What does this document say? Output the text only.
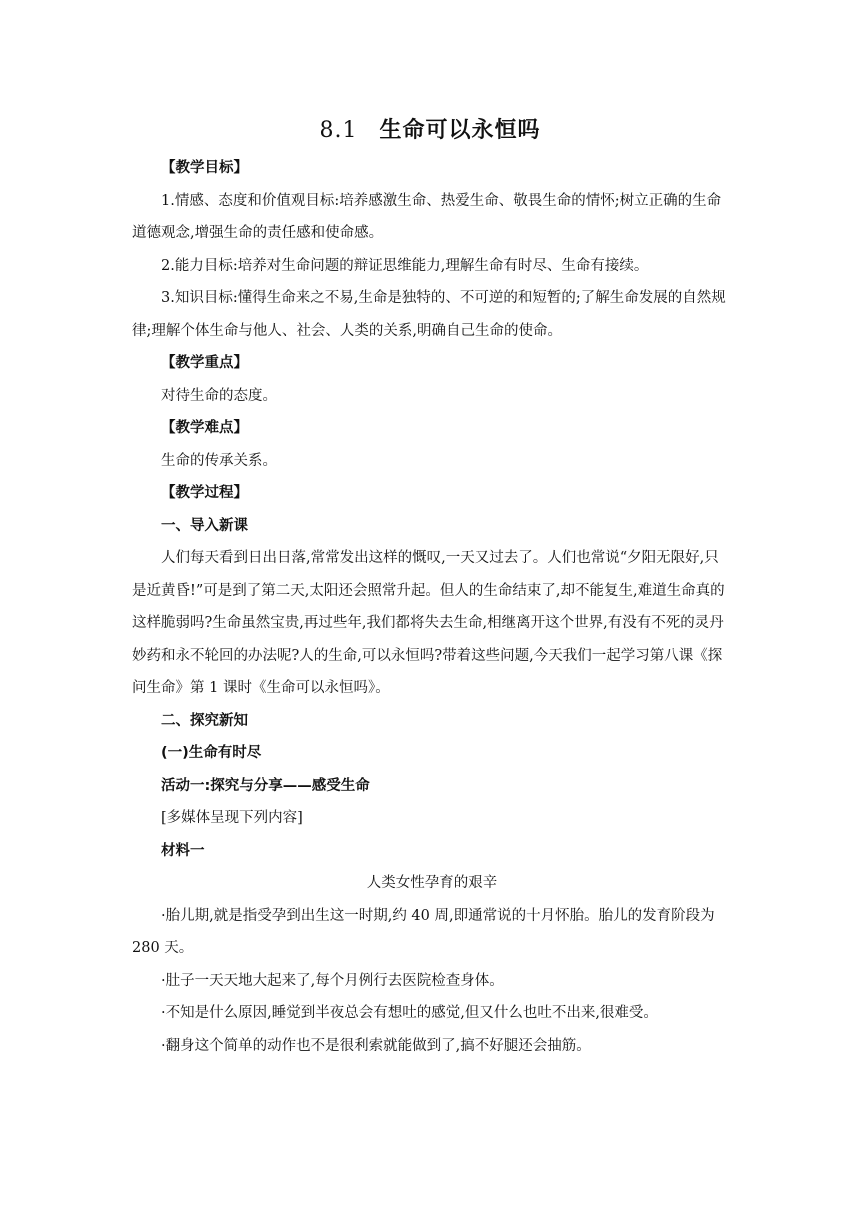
8.1 生命可以永恒吗

【教学目标】

1.情感、态度和价值观目标:培养感激生命、热爱生命、敬畏生命的情怀;树立正确的生命道德观念,增强生命的责任感和使命感。

2.能力目标:培养对生命问题的辩证思维能力,理解生命有时尽、生命有接续。

3.知识目标:懂得生命来之不易,生命是独特的、不可逆的和短暂的;了解生命发展的自然规律;理解个体生命与他人、社会、人类的关系,明确自己生命的使命。

【教学重点】

对待生命的态度。

【教学难点】

生命的传承关系。

【教学过程】

一、导入新课

人们每天看到日出日落,常常发出这样的慨叹,一天又过去了。人们也常说“夕阳无限好,只是近黄昏!”可是到了第二天,太阳还会照常升起。但人的生命结束了,却不能复生,难道生命真的这样脆弱吗?生命虽然宝贵,再过些年,我们都将失去生命,相继离开这个世界,有没有不死的灵丹妙药和永不轮回的办法呢?人的生命,可以永恒吗?带着这些问题,今天我们一起学习第八课《探问生命》第 1 课时《生命可以永恒吗》。

二、探究新知

(一)生命有时尽

活动一:探究与分享——感受生命

[多媒体呈现下列内容]

材料一

人类女性孕育的艰辛

·胎儿期,就是指受孕到出生这一时期,约 40 周,即通常说的十月怀胎。胎儿的发育阶段为 280 天。

·肚子一天天地大起来了,每个月例行去医院检查身体。

·不知是什么原因,睡觉到半夜总会有想吐的感觉,但又什么也吐不出来,很难受。

·翻身这个简单的动作也不是很利索就能做到了,搞不好腿还会抽筋。
